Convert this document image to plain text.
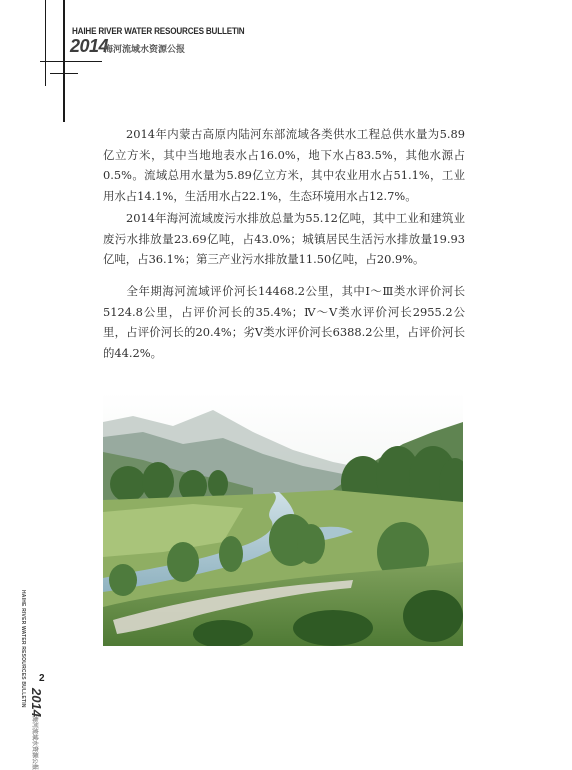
HAIHE RIVER WATER RESOURCES BULLETIN
2014
海河流域水资源公报

2014年内蒙古高原内陆河东部流域各类供水工程总供水量为5.89亿立方米，其中当地地表水占16.0%，地下水占83.5%，其他水源占0.5%。流域总用水量为5.89亿立方米，其中农业用水占51.1%，工业用水占14.1%，生活用水占22.1%，生态环境用水占12.7%。

2014年海河流域废污水排放总量为55.12亿吨，其中工业和建筑业废污水排放量23.69亿吨，占43.0%；城镇居民生活污水排放量19.93亿吨，占36.1%；第三产业污水排放量11.50亿吨，占20.9%。

全年期海河流域评价河长14468.2公里，其中Ⅰ～Ⅲ类水评价河长5124.8公里，占评价河长的35.4%；Ⅳ～Ⅴ类水评价河长2955.2公里，占评价河长的20.4%；劣Ⅴ类水评价河长6388.2公里，占评价河长的44.2%。

HAIHE RIVER WATER RESOURCES BULLETIN 2
2014
海河流域水资源公报
